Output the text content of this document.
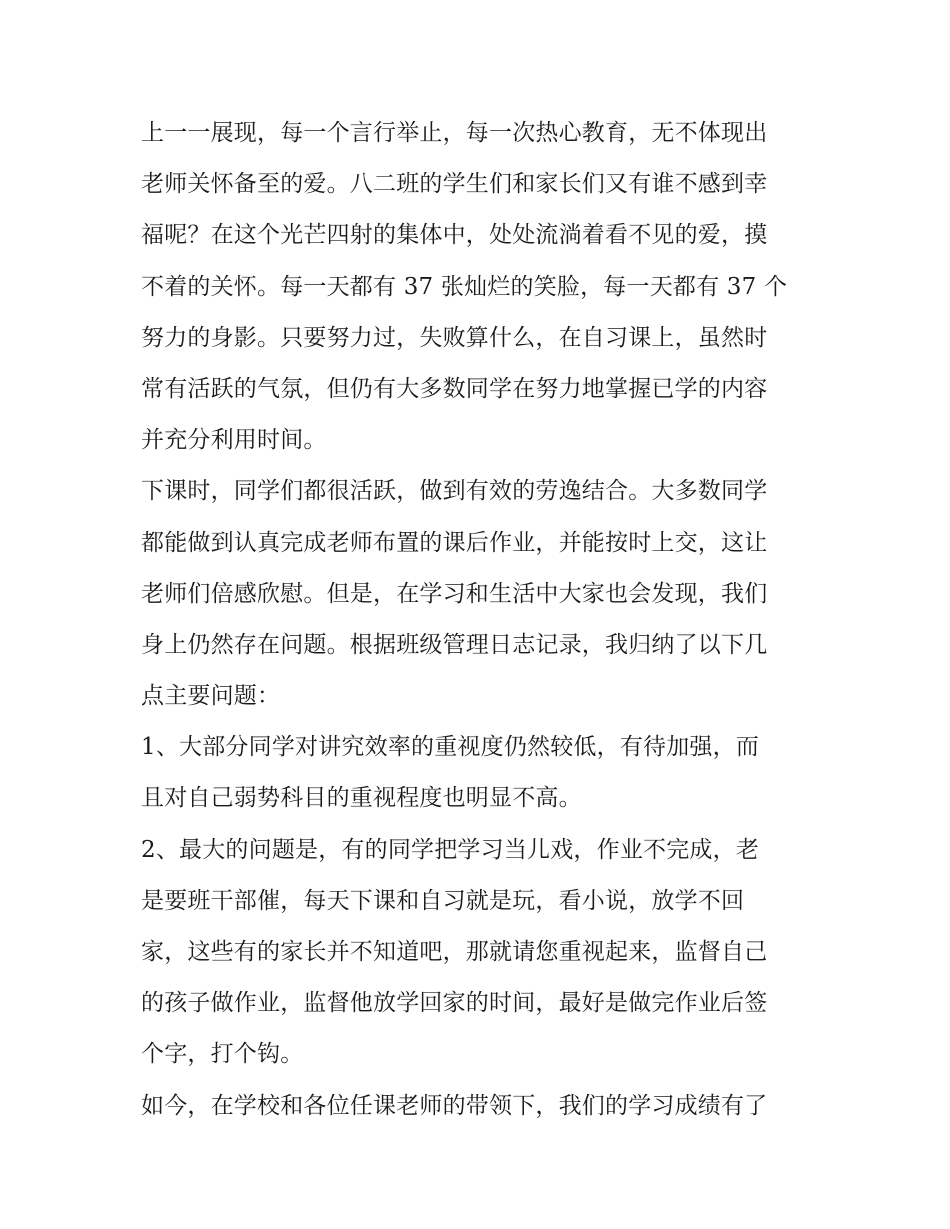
上一一展现，每一个言行举止，每一次热心教育，无不体现出
老师关怀备至的爱。八二班的学生们和家长们又有谁不感到幸
福呢？在这个光芒四射的集体中，处处流淌着看不见的爱，摸
不着的关怀。每一天都有 37 张灿烂的笑脸，每一天都有 37 个
努力的身影。只要努力过，失败算什么，在自习课上，虽然时
常有活跃的气氛，但仍有大多数同学在努力地掌握已学的内容
并充分利用时间。
下课时，同学们都很活跃，做到有效的劳逸结合。大多数同学
都能做到认真完成老师布置的课后作业，并能按时上交，这让
老师们倍感欣慰。但是，在学习和生活中大家也会发现，我们
身上仍然存在问题。根据班级管理日志记录，我归纳了以下几
点主要问题：
1、大部分同学对讲究效率的重视度仍然较低，有待加强，而
且对自己弱势科目的重视程度也明显不高。
2、最大的问题是，有的同学把学习当儿戏，作业不完成，老
是要班干部催，每天下课和自习就是玩，看小说，放学不回
家，这些有的家长并不知道吧，那就请您重视起来，监督自己
的孩子做作业，监督他放学回家的时间，最好是做完作业后签
个字，打个钩。
如今，在学校和各位任课老师的带领下，我们的学习成绩有了
